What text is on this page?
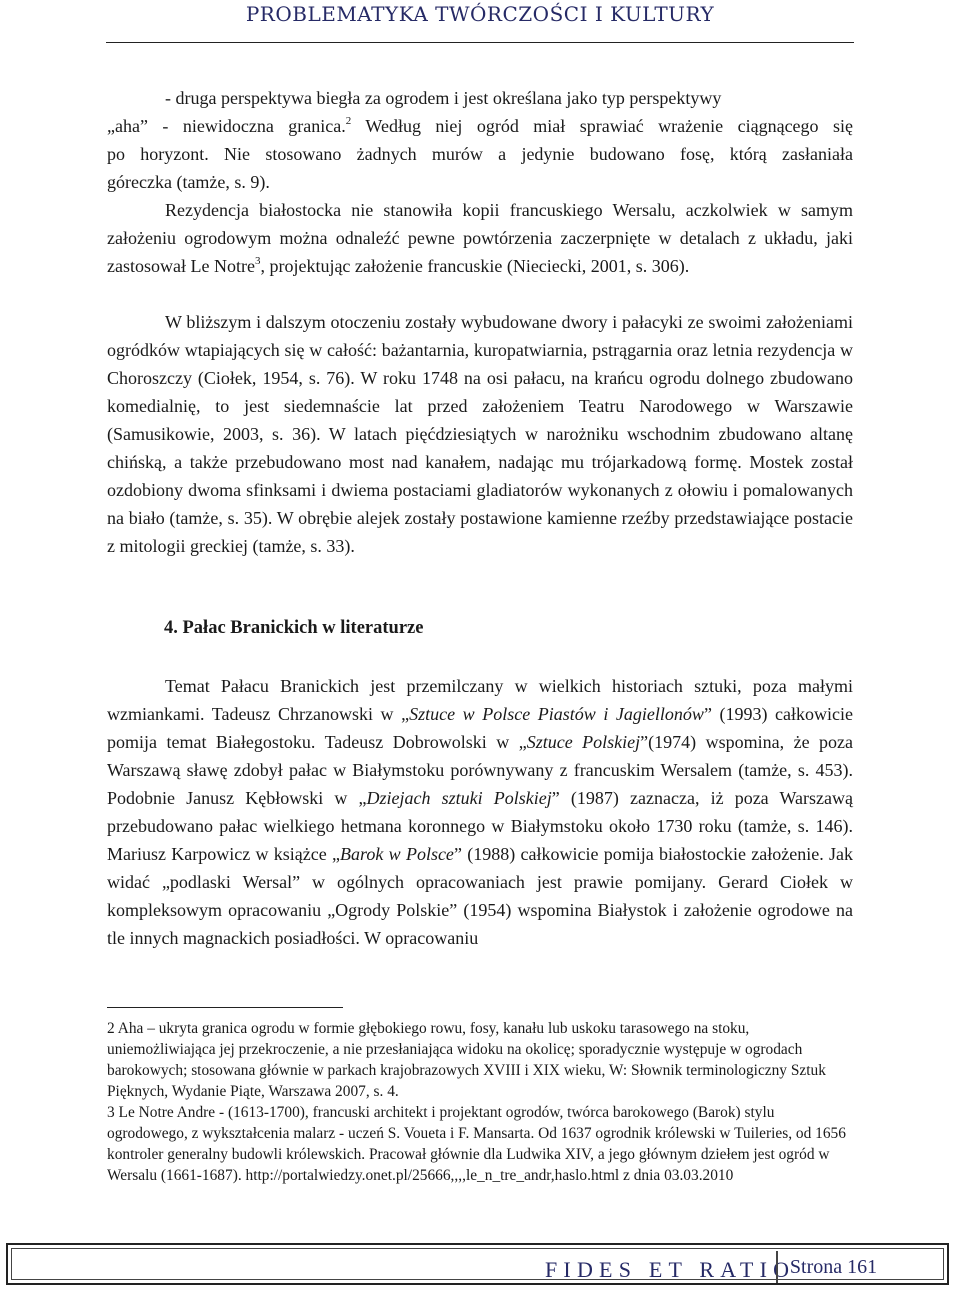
PROBLEMATYKA TWÓRCZOŚCI I KULTURY

- druga perspektywa biegła za ogrodem i jest określana jako typ perspektywy
„aha” - niewidoczna granica.$^2$ Według niej ogród miał sprawiać wrażenie ciągnącego się
po horyzont. Nie stosowano żadnych murów a jedynie budowano fosę, którą zasłaniała
góreczka (tamże, s. 9).

Rezydencja białostocka nie stanowiła kopii francuskiego Wersalu, aczkolwiek w samym założeniu ogrodowym można odnaleźć pewne powtórzenia zaczerpnięte w detalach z układu, jaki zastosował Le Notre$^3$, projektując założenie francuskie (Nieciecki, 2001, s. 306).

W bliższym i dalszym otoczeniu zostały wybudowane dwory i pałacyki ze swoimi założeniami ogródków wtapiających się w całość: bażantarnia, kuropatwiarnia, pstrągarnia oraz letnia rezydencja w Choroszczy (Ciołek, 1954, s. 76). W roku 1748 na osi pałacu, na krańcu ogrodu dolnego zbudowano komedialnię, to jest siedemnaście lat przed założeniem Teatru Narodowego w Warszawie (Samusikowie, 2003, s. 36). W latach pięćdziesiątych w narożniku wschodnim zbudowano altanę chińską, a także przebudowano most nad kanałem, nadając mu trójarkadową formę. Mostek został ozdobiony dwoma sfinksami i dwiema postaciami gladiatorów wykonanych z ołowiu i pomalowanych na biało (tamże, s. 35). W obrębie alejek zostały postawione kamienne rzeźby przedstawiające postacie z mitologii greckiej (tamże, s. 33).

4. Pałac Branickich w literaturze

Temat Pałacu Branickich jest przemilczany w wielkich historiach sztuki, poza małymi wzmiankami. Tadeusz Chrzanowski w „Sztuce w Polsce Piastów i Jagiellonów” (1993) całkowicie pomija temat Białegostoku. Tadeusz Dobrowolski w „Sztuce Polskiej”(1974) wspomina, że poza Warszawą sławę zdobył pałac w Białymstoku porównywany z francuskim Wersalem (tamże, s. 453). Podobnie Janusz Kębłowski w „Dziejach sztuki Polskiej” (1987) zaznacza, iż poza Warszawą przebudowano pałac wielkiego hetmana koronnego w Białymstoku około 1730 roku (tamże, s. 146). Mariusz Karpowicz w książce „Barok w Polsce” (1988) całkowicie pomija białostockie założenie. Jak widać „podlaski Wersal” w ogólnych opracowaniach jest prawie pomijany. Gerard Ciołek w kompleksowym opracowaniu „Ogrody Polskie” (1954) wspomina Białystok i założenie ogrodowe na tle innych magnackich posiadłości. W opracowaniu

2 Aha – ukryta granica ogrodu w formie głębokiego rowu, fosy, kanału lub uskoku tarasowego na stoku, uniemożliwiająca jej przekroczenie, a nie przesłaniająca widoku na okolicę; sporadycznie występuje w ogrodach barokowych; stosowana głównie w parkach krajobrazowych XVIII i XIX wieku, W: Słownik terminologiczny Sztuk Pięknych, Wydanie Piąte, Warszawa 2007, s. 4.

3 Le Notre Andre - (1613-1700), francuski architekt i projektant ogrodów, twórca barokowego (Barok) stylu ogrodowego, z wykształcenia malarz - uczeń S. Voueta i F. Mansarta. Od 1637 ogrodnik królewski w Tuileries, od 1656 kontroler generalny budowli królewskich. Pracował głównie dla Ludwika XIV, a jego głównym dziełem jest ogród w Wersalu (1661-1687). http://portalwiedzy.onet.pl/25666,,,,le_n_tre_andr,haslo.html z dnia 03.03.2010

FIDES ET RATIO
Strona 161
